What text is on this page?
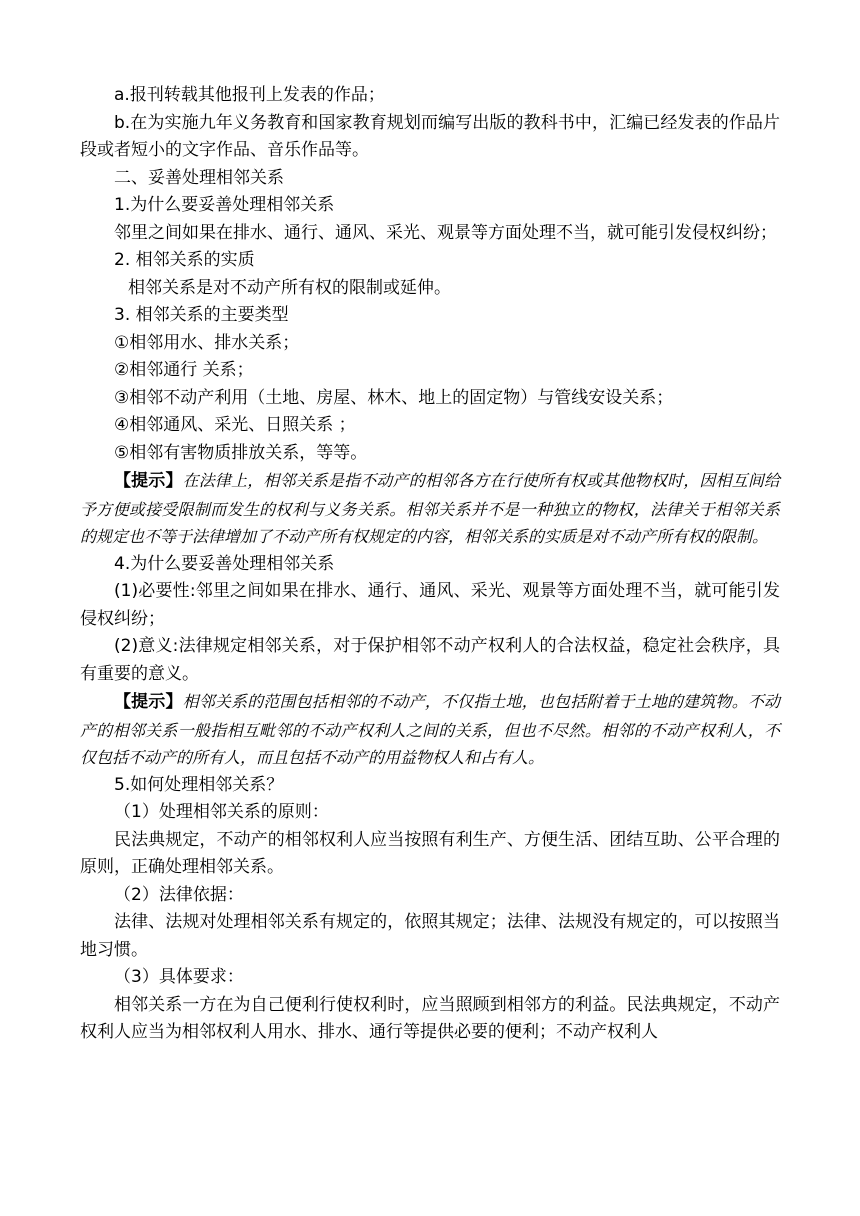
a.报刊转载其他报刊上发表的作品；

b.在为实施九年义务教育和国家教育规划而编写出版的教科书中，汇编已经发表的作品片段或者短小的文字作品、音乐作品等。

二、妥善处理相邻关系

1.为什么要妥善处理相邻关系

邻里之间如果在排水、通行、通风、采光、观景等方面处理不当，就可能引发侵权纠纷；

2. 相邻关系的实质

相邻关系是对不动产所有权的限制或延伸。

3. 相邻关系的主要类型

①相邻用水、排水关系；

②相邻通行 关系；

③相邻不动产利用（土地、房屋、林木、地上的固定物）与管线安设关系；

④相邻通风、采光、日照关系 ；

⑤相邻有害物质排放关系，等等。

【提示】在法律上，相邻关系是指不动产的相邻各方在行使所有权或其他物权时，因相互间给予方便或接受限制而发生的权利与义务关系。相邻关系并不是一种独立的物权，法律关于相邻关系的规定也不等于法律增加了不动产所有权规定的内容，相邻关系的实质是对不动产所有权的限制。

4.为什么要妥善处理相邻关系

(1)必要性:邻里之间如果在排水、通行、通风、采光、观景等方面处理不当，就可能引发侵权纠纷；

(2)意义:法律规定相邻关系，对于保护相邻不动产权利人的合法权益，稳定社会秩序，具有重要的意义。

【提示】相邻关系的范围包括相邻的不动产，不仅指土地，也包括附着于土地的建筑物。不动产的相邻关系一般指相互毗邻的不动产权利人之间的关系，但也不尽然。相邻的不动产权利人，不仅包括不动产的所有人，而且包括不动产的用益物权人和占有人。

5.如何处理相邻关系？

（1）处理相邻关系的原则：

民法典规定，不动产的相邻权利人应当按照有利生产、方便生活、团结互助、公平合理的原则，正确处理相邻关系。

（2）法律依据：

法律、法规对处理相邻关系有规定的，依照其规定；法律、法规没有规定的，可以按照当地习惯。

（3）具体要求：

相邻关系一方在为自己便利行使权利时，应当照顾到相邻方的利益。民法典规定，不动产权利人应当为相邻权利人用水、排水、通行等提供必要的便利；不动产权利人
